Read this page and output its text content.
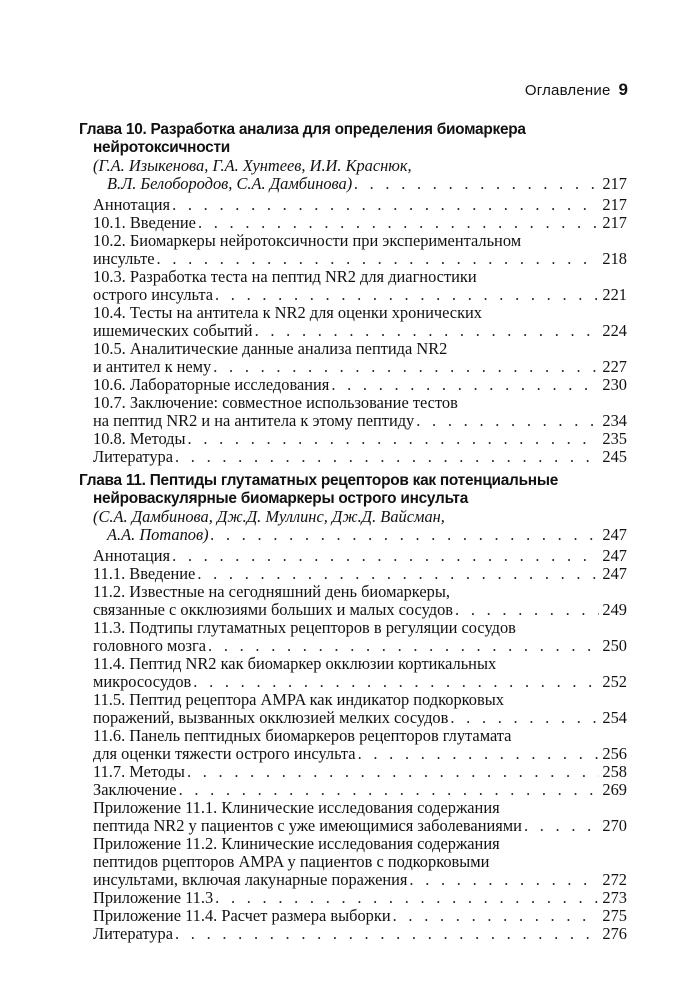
Оглавление 9
Глава 10. Разработка анализа для определения биомаркера нейротоксичности
(Г.А. Изыкенова, Г.А. Хунтеев, И.И. Краснюк,
В.Л. Белобородов, С.А. Дамбинова) . . .	217
Аннотация . . .	217
10.1. Введение . . .	217
10.2. Биомаркеры нейротоксичности при экспериментальном
инсульте . . .	218
10.3. Разработка теста на пептид NR2 для диагностики
острого инсульта . . .	221
10.4. Тесты на антитела к NR2 для оценки хронических
ишемических событий . . .	224
10.5. Аналитические данные анализа пептида NR2
и антител к нему . . .	227
10.6. Лабораторные исследования . . .	230
10.7. Заключение: совместное использование тестов
на пептид NR2 и на антитела к этому пептиду . . .	234
10.8. Методы . . .	235
Литература . . .	245
Глава 11. Пептиды глутаматных рецепторов как потенциальные
нейроваскулярные биомаркеры острого инсульта
(С.А. Дамбинова, Дж.Д. Муллинс, Дж.Д. Вайсман,
А.А. Потапов) . . .	247
Аннотация . . .	247
11.1. Введение . . .	247
11.2. Известные на сегодняшний день биомаркеры,
связанные с окклюзиями больших и малых сосудов . . .	249
11.3. Подтипы глутаматных рецепторов в регуляции сосудов
головного мозга . . .	250
11.4. Пептид NR2 как биомаркер окклюзии кортикальных
микрососудов . . .	252
11.5. Пептид рецептора AMPA как индикатор подкорковых
поражений, вызванных окклюзией мелких сосудов . . .	254
11.6. Панель пептидных биомаркеров рецепторов глутамата
для оценки тяжести острого инсульта . . .	256
11.7. Методы . . .	258
Заключение . . .	269
Приложение 11.1. Клинические исследования содержания
пептида NR2 у пациентов с уже имеющимися заболеваниями . . .	270
Приложение 11.2. Клинические исследования содержания
пептидов рцепторов AMPA у пациентов с подкорковыми
инсультами, включая лакунарные поражения . . .	272
Приложение 11.3 . . .	273
Приложение 11.4. Расчет размера выборки . . .	275
Литература . . .	276
